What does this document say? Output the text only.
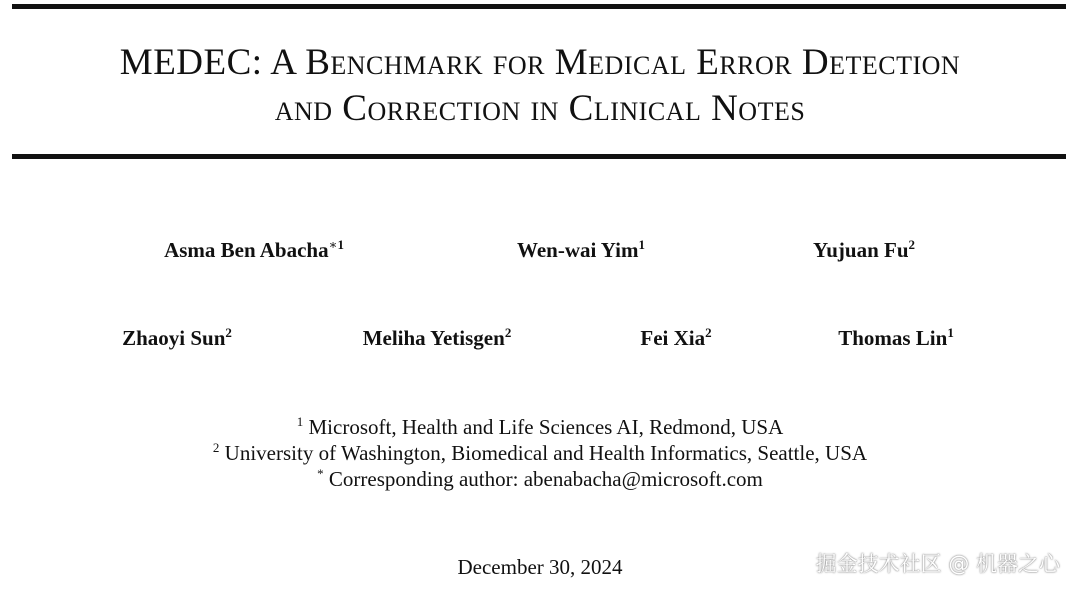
MEDEC: A Benchmark for Medical Error Detection
and Correction in Clinical Notes
Asma Ben Abacha$^{∗1}$	Wen-wai Yim$^1$	Yujuan Fu$^2$
Zhaoyi Sun$^2$	Meliha Yetisgen$^2$	Fei Xia$^2$	Thomas Lin$^1$
$^1$ Microsoft, Health and Life Sciences AI, Redmond, USA
$^2$ University of Washington, Biomedical and Health Informatics, Seattle, USA
* Corresponding author: abenabacha@microsoft.com
December 30, 2024	掘金技术社区 @ 机器之心
